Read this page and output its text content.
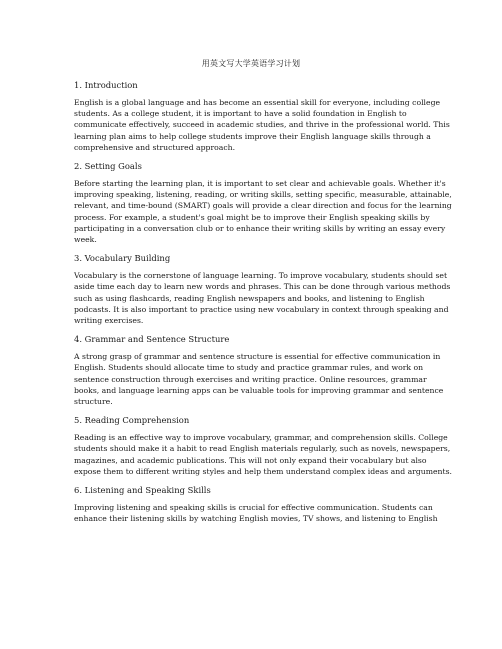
用英文写大学英语学习计划

1. Introduction

English is a global language and has become an essential skill for everyone, including college students. As a college student, it is important to have a solid foundation in English to communicate effectively, succeed in academic studies, and thrive in the professional world. This learning plan aims to help college students improve their English language skills through a comprehensive and structured approach.

2. Setting Goals

Before starting the learning plan, it is important to set clear and achievable goals. Whether it's improving speaking, listening, reading, or writing skills, setting specific, measurable, attainable, relevant, and time-bound (SMART) goals will provide a clear direction and focus for the learning process. For example, a student's goal might be to improve their English speaking skills by participating in a conversation club or to enhance their writing skills by writing an essay every week.

3. Vocabulary Building

Vocabulary is the cornerstone of language learning. To improve vocabulary, students should set aside time each day to learn new words and phrases. This can be done through various methods such as using flashcards, reading English newspapers and books, and listening to English podcasts. It is also important to practice using new vocabulary in context through speaking and writing exercises.

4. Grammar and Sentence Structure

A strong grasp of grammar and sentence structure is essential for effective communication in English. Students should allocate time to study and practice grammar rules, and work on sentence construction through exercises and writing practice. Online resources, grammar books, and language learning apps can be valuable tools for improving grammar and sentence structure.

5. Reading Comprehension

Reading is an effective way to improve vocabulary, grammar, and comprehension skills. College students should make it a habit to read English materials regularly, such as novels, newspapers, magazines, and academic publications. This will not only expand their vocabulary but also expose them to different writing styles and help them understand complex ideas and arguments.

6. Listening and Speaking Skills

Improving listening and speaking skills is crucial for effective communication. Students can enhance their listening skills by watching English movies, TV shows, and listening to English
